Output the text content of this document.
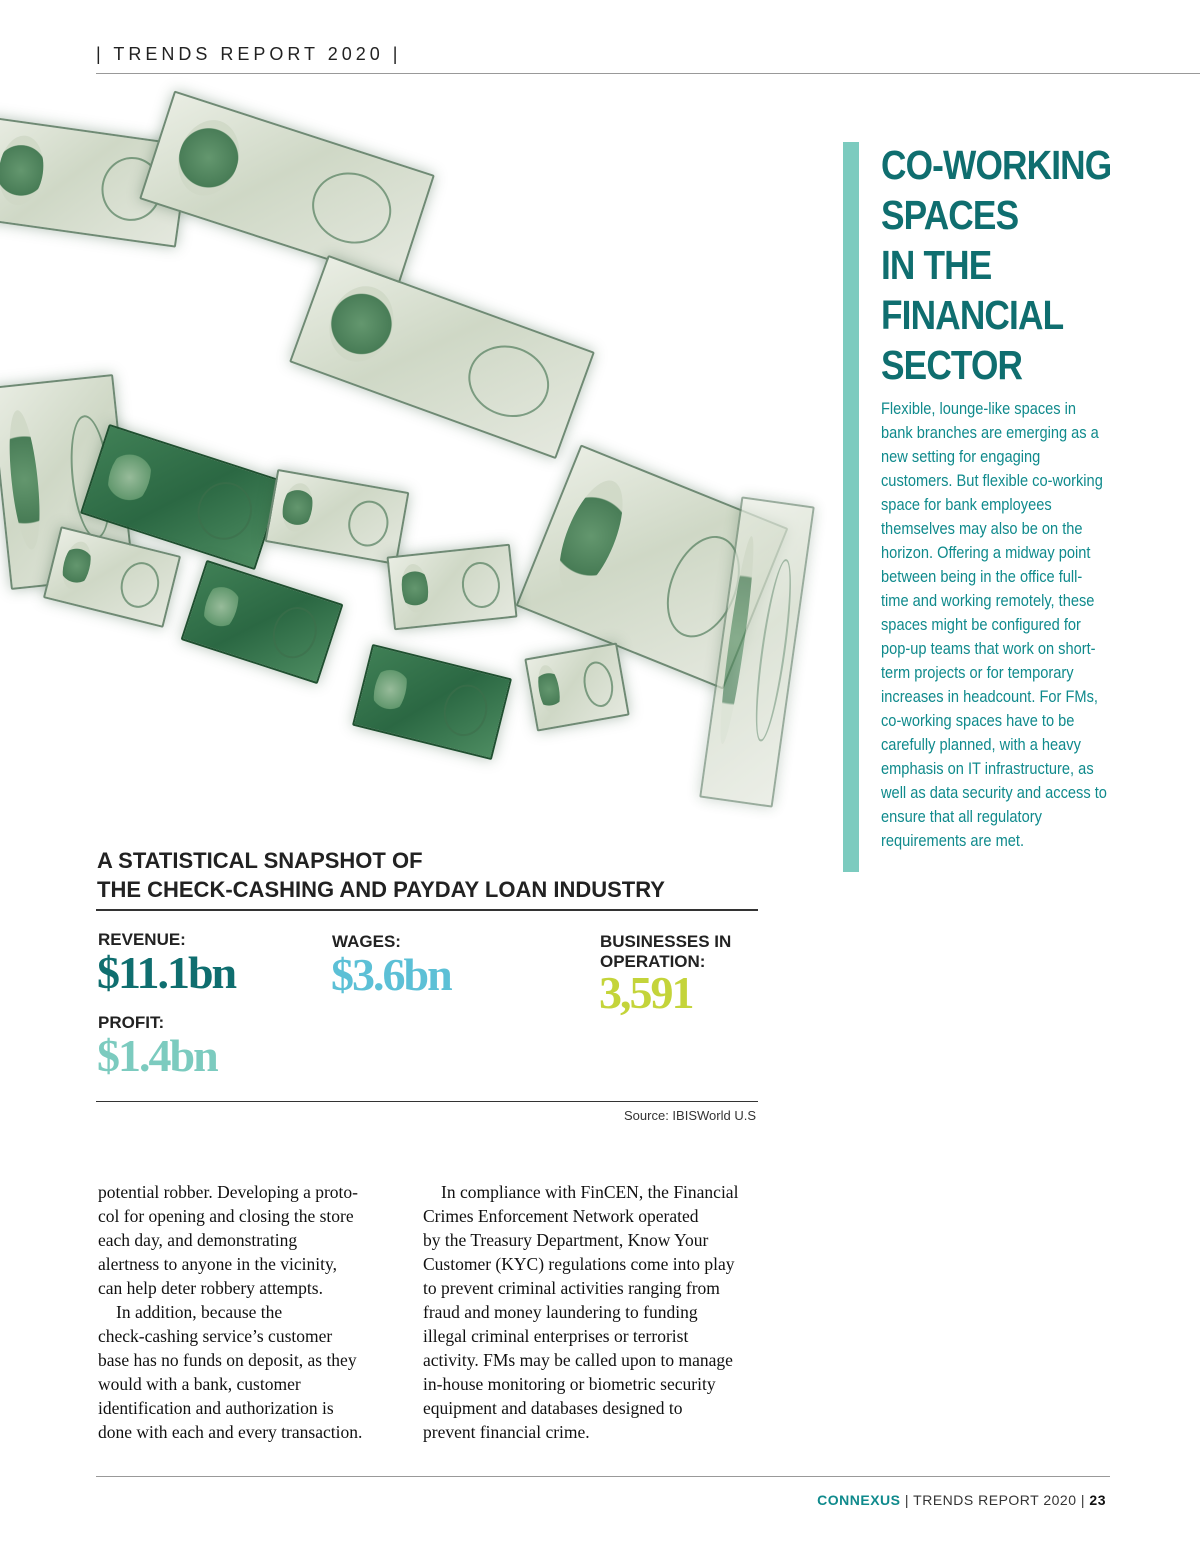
| TRENDS REPORT 2020 |
CO-WORKING
SPACES
IN THE
FINANCIAL
SECTOR
Flexible, lounge-like spaces in bank branches are emerging as a new setting for engaging customers. But flexible co-working space for bank employees themselves may also be on the horizon. Offering a midway point between being in the office full-time and working remotely, these spaces might be configured for pop-up teams that work on short-term projects or for temporary increases in headcount. For FMs, co-working spaces have to be carefully planned, with a heavy emphasis on IT infrastructure, as well as data security and access to ensure that all regulatory requirements are met.
A STATISTICAL SNAPSHOT OF
THE CHECK-CASHING AND PAYDAY LOAN INDUSTRY
REVENUE:
$11.1bn
WAGES:
$3.6bn
BUSINESSES IN
OPERATION:
3,591
PROFIT:
$1.4bn
Source: IBISWorld U.S

potential robber. Developing a proto-
col for opening and closing the store
each day, and demonstrating
alertness to anyone in the vicinity,
can help deter robbery attempts.

In addition, because the
check-cashing service’s customer
base has no funds on deposit, as they
would with a bank, customer
identification and authorization is
done with each and every transaction.

In compliance with FinCEN, the Financial
Crimes Enforcement Network operated
by the Treasury Department, Know Your
Customer (KYC) regulations come into play
to prevent criminal activities ranging from
fraud and money laundering to funding
illegal criminal enterprises or terrorist
activity. FMs may be called upon to manage
in-house monitoring or biometric security
equipment and databases designed to
prevent financial crime.

CONNEXUS | TRENDS REPORT 2020 | 23
